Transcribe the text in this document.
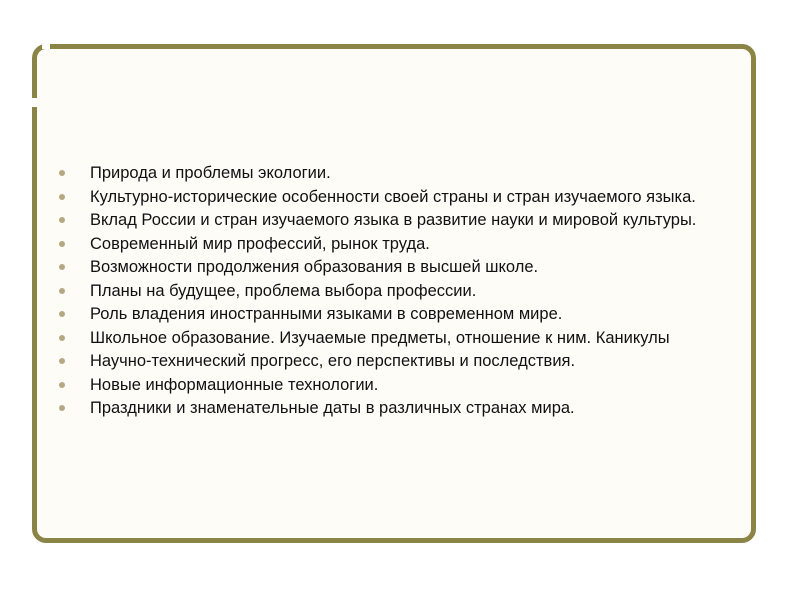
Природа и проблемы экологии.
Культурно-исторические особенности своей страны и стран изучаемого языка.
Вклад России и стран изучаемого языка в развитие науки и мировой культуры.
Современный мир профессий, рынок труда.
Возможности продолжения образования в высшей школе.
Планы на будущее, проблема выбора профессии.
Роль владения иностранными языками в современном мире.
Школьное образование. Изучаемые предметы, отношение к ним. Каникулы
Научно-технический прогресс, его перспективы и последствия.
Новые информационные технологии.
Праздники и знаменательные даты в различных странах мира.
